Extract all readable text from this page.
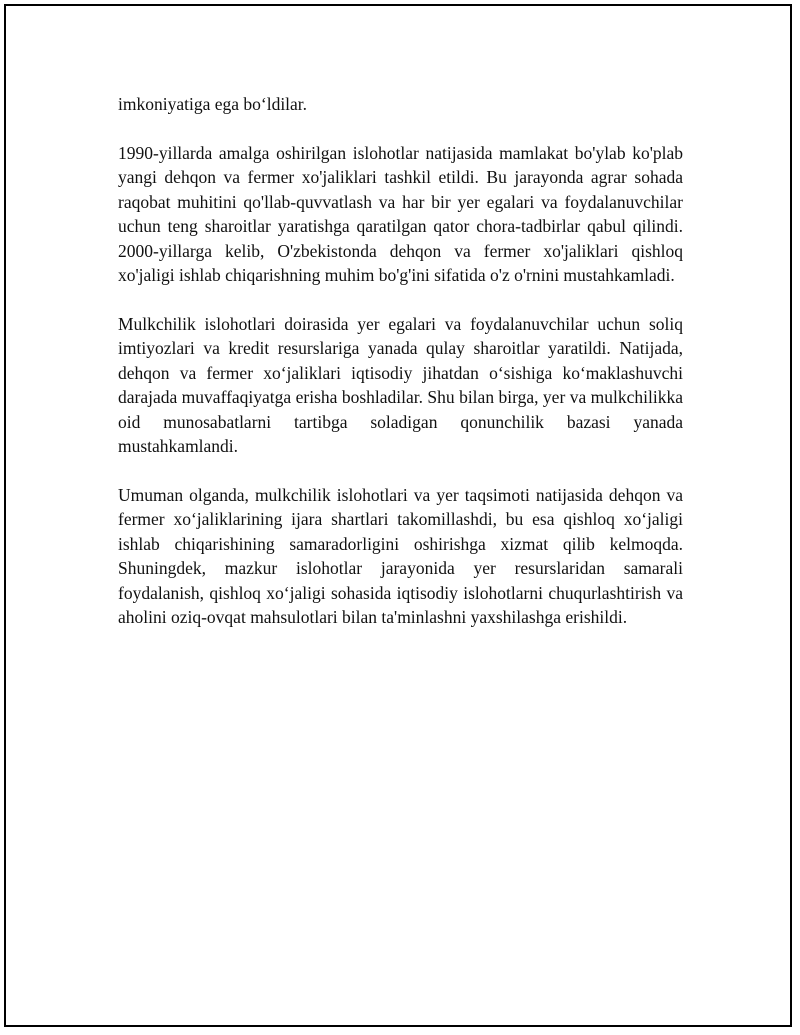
imkoniyatiga ega boʻldilar.

1990-yillarda amalga oshirilgan islohotlar natijasida mamlakat bo'ylab ko'plab yangi dehqon va fermer xo'jaliklari tashkil etildi. Bu jarayonda agrar sohada raqobat muhitini qo'llab-quvvatlash va har bir yer egalari va foydalanuvchilar uchun teng sharoitlar yaratishga qaratilgan qator chora-tadbirlar qabul qilindi. 2000-yillarga kelib, O'zbekistonda dehqon va fermer xo'jaliklari qishloq xo'jaligi ishlab chiqarishning muhim bo'g'ini sifatida o'z o'rnini mustahkamladi.

Mulkchilik islohotlari doirasida yer egalari va foydalanuvchilar uchun soliq imtiyozlari va kredit resurslariga yanada qulay sharoitlar yaratildi. Natijada, dehqon va fermer xoʻjaliklari iqtisodiy jihatdan oʻsishiga koʻmaklashuvchi darajada muvaffaqiyatga erisha boshladilar. Shu bilan birga, yer va mulkchilikka oid munosabatlarni tartibga soladigan qonunchilik bazasi yanada mustahkamlandi.

Umuman olganda, mulkchilik islohotlari va yer taqsimoti natijasida dehqon va fermer xoʻjaliklarining ijara shartlari takomillashdi, bu esa qishloq xoʻjaligi ishlab chiqarishining samaradorligini oshirishga xizmat qilib kelmoqda. Shuningdek, mazkur islohotlar jarayonida yer resurslaridan samarali foydalanish, qishloq xoʻjaligi sohasida iqtisodiy islohotlarni chuqurlashtirish va aholini oziq-ovqat mahsulotlari bilan ta'minlashni yaxshilashga erishildi.
